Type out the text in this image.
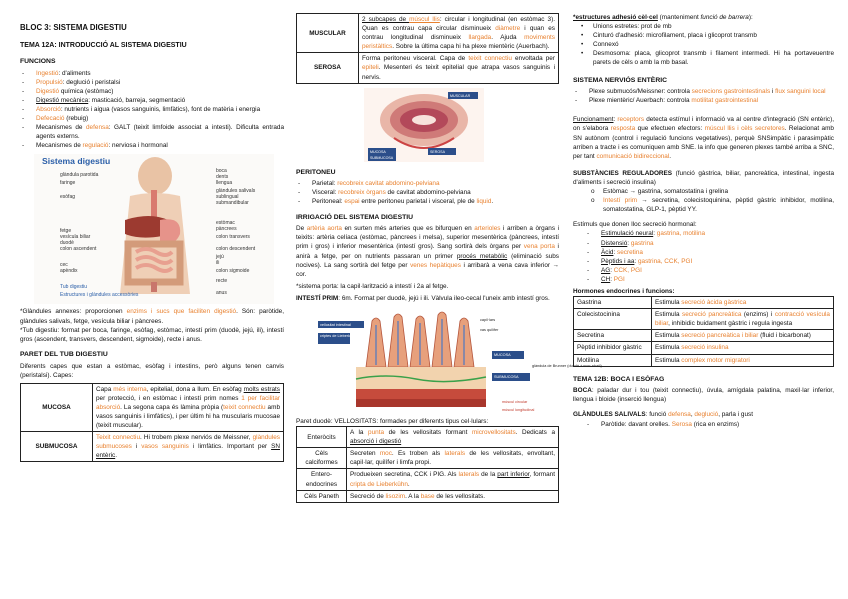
BLOC 3: SISTEMA DIGESTIU
TEMA 12A: INTRODUCCIÓ AL SISTEMA DIGESTIU
FUNCIONS
- Ingestió: d'aliments
- Propulsió: deglució i peristalsi
- Digestió química (estòmac)
- Digestió mecànica: masticació, barreja, segmentació
- Absorció: nutrients i aigua (vasos sanguinis, limfàtics), font de matèria i energia
- Defecació (rebuig)
- Mecanismes de defensa: GALT (teixit limfoide associat a intesti). Dificulta entrada agents externs.
- Mecanismes de regulació: nerviosa i hormonal
Sistema digestiu
glàndula parotida
faringe
esòfag
fetge
vesícula biliar
duodè
colon ascendent
cec
apèndix
Tub digestiu
Estructures i glàndules accessòries
boca
dents
llengua
glàndules salivals
sublingual
submandibular
estòmac
pàncrees
colon transvers
colon descendent
jejú
ili
colon sigmoide
recte
anus
*Glàndules annexes: proporcionen enzims i sucs que faciliten digestió. Són: paròtide, glàndules salivals, fetge, vesícula biliar i pàncrees.
*Tub digestiu: format per boca, faringe, esòfag, estòmac, intestí prim (duodè, jejú, ili), intestí gros (ascendent, transvers, descendent, sigmoide), recte i anus.
PARET DEL TUB DIGESTIU
Diferents capes que estan a estòmac, esòfag i intestins, però alguns tenen canvis (peristalsi). Capes:
MUCOSA	Capa més interna, epitelial, dona a llum. En esòfag molts estrats per protecció, i en estòmac i intestí prim nomes 1 per facilitar absorció. La segona capa és làmina pròpia (teixit connectiu amb vasos sanguinis i limfàtics), i per últim hi ha muscularis mucosae (teixit muscular).
SUBMUCOSA	Teixit connectiu. Hi trobem plexe nerviós de Meissner, glàndules submucoses i vasos sanguinis i limfàtics. Important per SN entèric.
MUSCULAR	2 subcapes de múscul llis: circular i longitudinal (en estòmac 3). Quan es contrau capa circular disminueix diàmetre i quan es contrau longitudinal disminueix llargada. Ajuda moviments peristàltics. Sobre la última capa hi ha plexe mientèric (Auerbach).
SEROSA	Forma peritoneu visceral. Capa de teixit connectiu envoltada per epiteli. Mesenteri és teixit epitelial que atrapa vasos sanguinis i nervis.
MUCOSA
SUBMUCOSA
MUSCULAR
SEROSA
PERITONEU
- Parietal: recobreix cavitat abdomino-pelviana
- Visceral: recobreix òrgans de cavitat abdomino-pelviana
- Peritoneal: espai entre peritoneu parietal i visceral, ple de liquid.
IRRIGACIÓ DEL SISTEMA DIGESTIU
De artèria aorta en surten més arteries que es bifurquen en arterioles i arriben a òrgans i teixits: artèria celíaca (estòmac, pàncrees i melsa), superior mesentèrica (pàncrees, intestí prim i gros) i inferior mesentèrica (intestí gros). Sang sortirà dels òrgans per vena porta i anirà a fetge, per on nutrients passaran un primer procés metabòlic (eliminació subs nocives). La sang sortirà del fetge per venes hepàtiques i arribarà a vena cava inferior → cor.
*sistema porta: la capil·larització a intestí i 2a al fetge.
INTESTÍ PRIM: 6m. Format per duodè, jejú i ili. Vàlvula ileo-cecal l'uneix amb intestí gros.
vellositat intestinal
criptes de Lieberkühn
capil·lars
vas quilífer
MUCOSA
SUBMUCOSA
glàndula de Brunner (duodè + moc alcalí)
múscul circular
múscul longitudinal
Paret duodè: VELLOSITATS: formades per diferents tipus cel·lulars:
Enteròcits	A la punta de les vellositats formant microvellositats. Dedicats a absorció i digestió
Cèls calciformes	Secreten moc. Es troben als laterals de les vellositats, envoltant, capil·lar, quilífer i limfa propi.
Entero-endocrines	Produeixen secretina, CCK i PIG. Als laterals de la part inferior, formant cripta de Lieberkühn.
Cèls Paneth	Secreció de lisozim. A la base de les vellositats.
*estructures adhesió cèl·cel (manteniment funció de barrera):
• Unions estretes: prot de mb
• Cinturó d'adhesió: microfilament, placa i glicoprot transmb
• Connexó
• Desmosoma: placa, glicoprot transmb i filament intermedi. Hi ha portaveuentre parets de cèls o amb la mb basal.
SISTEMA NERVIÓS ENTÈRIC
- Plexe submucós/Meissner: controla secrecions gastrointestinals i flux sanguini local
- Plexe mientèric/ Auerbach: controla motilitat gastrointestinal
Funcionament: receptors detecta estímul i informació va al centre d'integració (SN entèric), on s'elabora resposta que efectuen efectors: múscul llis i cèls secretores. Relacionat amb SN autònom (control i regulació funcions vegetatives), perquè SNSimpàtic i parasimpàtic arriben a tracte i es comuniquen amb SNE. la info que generen plexes també arriba a SNC, per tant comunicació bidireccional.
SUBSTÀNCIES REGULADORES (funció gàstrica, biliar, pancreàtica, intestinal, ingesta d'aliments i secreció insulina)
o Estòmac → gastrina, somatostatina i grelina
o Intestí prim → secretina, colecistoquinina, pèptid gàstric inhibidor, motilina, somatostatina, GLP-1, pèptid YY.
Estímuls que donen lloc secreció hormonal:
- Estimulació neural: gastrina, motilina
- Distensió: gastrina
- Àcid: secretina
- Pèptids i aa: gastrina, CCK, PGI
- AG: CCK, PGI
- CH: PGI
Hormones endocrines i funcions:
Gastrina	Estimula secreció àcida gàstrica
Colecistocinina	Estimula secreció pancreàtica (enzims) i contracció vesícula biliar, inhibidic buidament gàstric i regula ingesta
Secretina	Estimula secreció pancreàtica i biliar (fluid i bicarbonat)
Pèptid inhibidor gàstric	Estimula secreció insulina
Motilina	Estimula complex motor migratori
TEMA 12B: BOCA I ESÒFAG
BOCA: paladar dur i tou (teixit connectiu), úvula, amígdala palatina, maxil·lar inferior, llengua i bloide (inserció llengua)
GLÀNDULES SALIVALS: funció defensa, deglució, parla i gust
- Paròtide: davant orelles. Serosa (rica en enzims)
